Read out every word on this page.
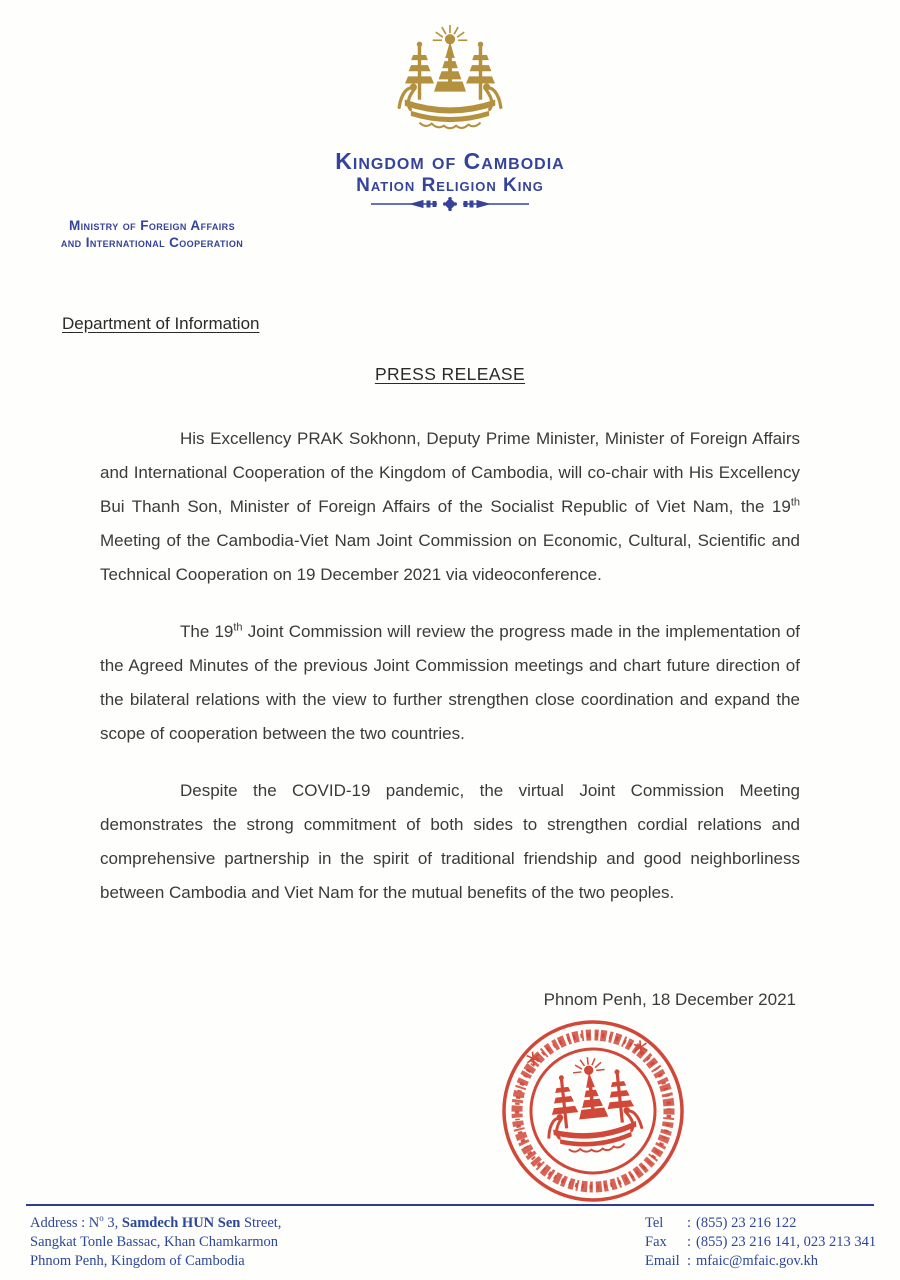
Kingdom of Cambodia
Nation Religion King
Ministry of Foreign Affairs
and International Cooperation
Department of Information
PRESS RELEASE

His Excellency PRAK Sokhonn, Deputy Prime Minister, Minister of Foreign Affairs and International Cooperation of the Kingdom of Cambodia, will co-chair with His Excellency Bui Thanh Son, Minister of Foreign Affairs of the Socialist Republic of Viet Nam, the 19th Meeting of the Cambodia-Viet Nam Joint Commission on Economic, Cultural, Scientific and Technical Cooperation on 19 December 2021 via videoconference.

The 19th Joint Commission will review the progress made in the implementation of the Agreed Minutes of the previous Joint Commission meetings and chart future direction of the bilateral relations with the view to further strengthen close coordination and expand the scope of cooperation between the two countries.

Despite the COVID-19 pandemic, the virtual Joint Commission Meeting demonstrates the strong commitment of both sides to strengthen cordial relations and comprehensive partnership in the spirit of traditional friendship and good neighborliness between Cambodia and Viet Nam for the mutual benefits of the two peoples.

Phnom Penh, 18 December 2021
*	*
Address : $N^o$ 3, Samdech HUN Sen Street,
Sangkat Tonle Bassac, Khan Chamkarmon
Phnom Penh, Kingdom of Cambodia
Tel : (855) 23 216 122
Fax : (855) 23 216 141, 023 213 341
Email : mfaic@mfaic.gov.kh
